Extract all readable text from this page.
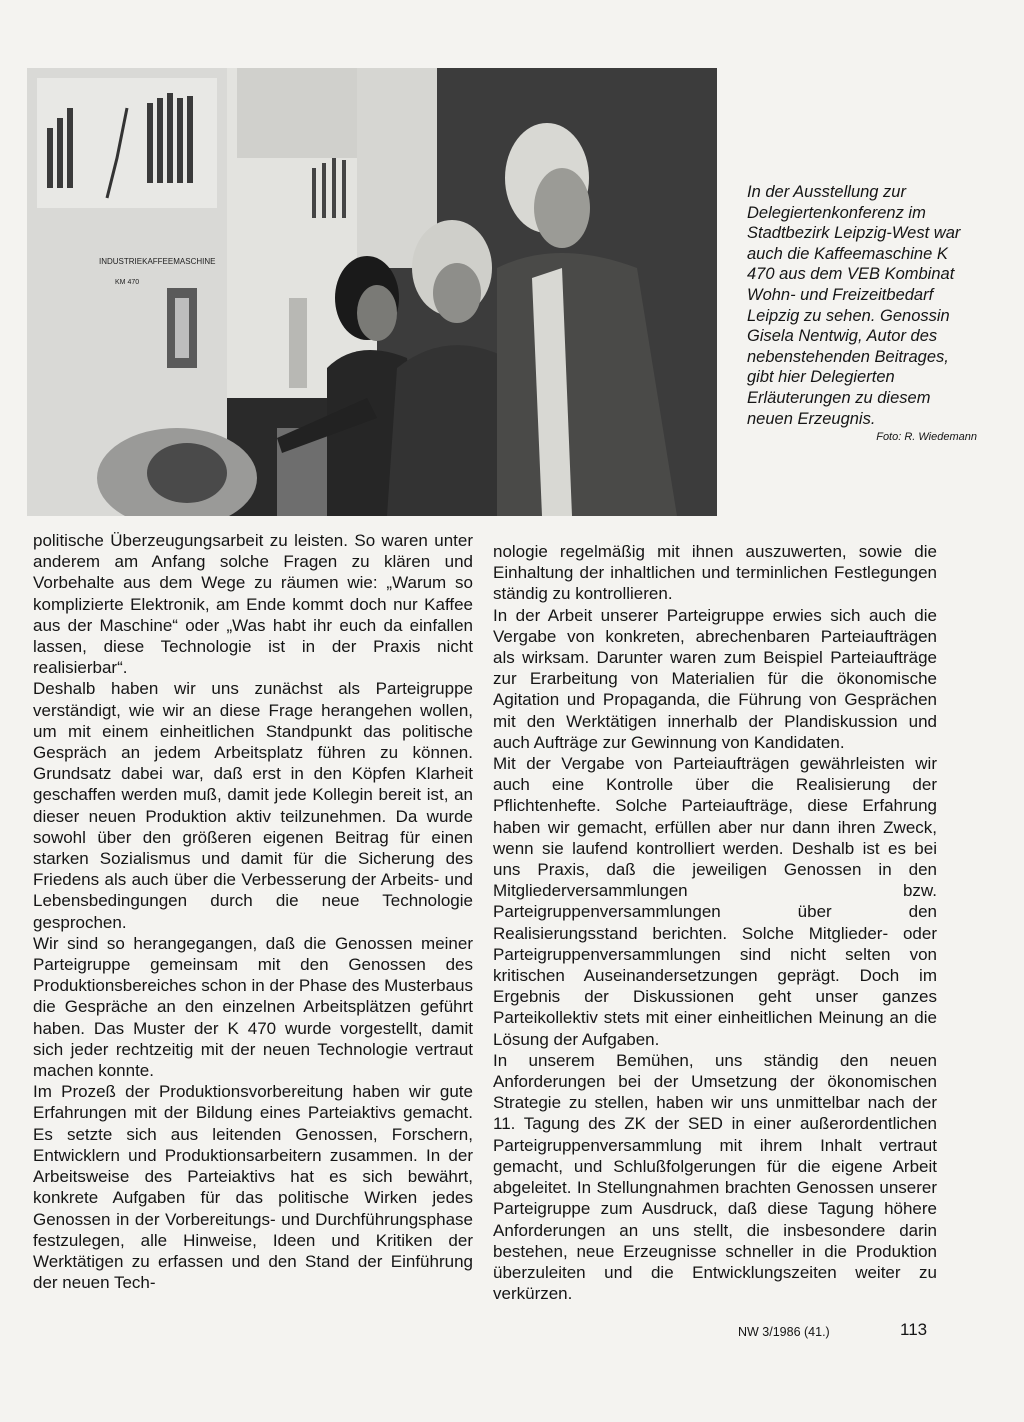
INDUSTRIEKAFFEEMASCHINE
KM 470

In der Ausstellung zur Delegiertenkonferenz im Stadtbezirk Leipzig-West war auch die Kaffeemaschine K 470 aus dem VEB Kombinat Wohn- und Freizeitbedarf Leipzig zu sehen. Genossin Gisela Nentwig, Autor des nebenstehenden Beitrages, gibt hier Delegierten Erläuterungen zu diesem neuen Erzeugnis.

Foto: R. Wiedemann

politische Überzeugungsarbeit zu leisten. So waren unter anderem am Anfang solche Fragen zu klären und Vorbehalte aus dem Wege zu räumen wie: „Warum so komplizierte Elektronik, am Ende kommt doch nur Kaffee aus der Maschine“ oder „Was habt ihr euch da einfallen lassen, diese Technologie ist in der Praxis nicht realisierbar“.

Deshalb haben wir uns zunächst als Parteigruppe verständigt, wie wir an diese Frage herangehen wollen, um mit einem einheitlichen Standpunkt das politische Gespräch an jedem Arbeitsplatz führen zu können. Grundsatz dabei war, daß erst in den Köpfen Klarheit geschaffen werden muß, damit jede Kollegin bereit ist, an dieser neuen Produktion aktiv teilzunehmen. Da wurde sowohl über den größeren eigenen Beitrag für einen starken Sozialismus und damit für die Sicherung des Friedens als auch über die Verbesserung der Arbeits- und Lebensbedingungen durch die neue Technologie gesprochen.

Wir sind so herangegangen, daß die Genossen meiner Parteigruppe gemeinsam mit den Genossen des Produktionsbereiches schon in der Phase des Musterbaus die Gespräche an den einzelnen Arbeitsplätzen geführt haben. Das Muster der K 470 wurde vorgestellt, damit sich jeder rechtzeitig mit der neuen Technologie vertraut machen konnte.

Im Prozeß der Produktionsvorbereitung haben wir gute Erfahrungen mit der Bildung eines Parteiaktivs gemacht. Es setzte sich aus leitenden Genossen, Forschern, Entwicklern und Produktionsarbeitern zusammen. In der Arbeitsweise des Parteiaktivs hat es sich bewährt, konkrete Aufgaben für das politische Wirken jedes Genossen in der Vorbereitungs- und Durchführungsphase festzulegen, alle Hinweise, Ideen und Kritiken der Werktätigen zu erfassen und den Stand der Einführung der neuen Tech-

nologie regelmäßig mit ihnen auszuwerten, sowie die Einhaltung der inhaltlichen und terminlichen Festlegungen ständig zu kontrollieren.

In der Arbeit unserer Parteigruppe erwies sich auch die Vergabe von konkreten, abrechenbaren Parteiaufträgen als wirksam. Darunter waren zum Beispiel Parteiaufträge zur Erarbeitung von Materialien für die ökonomische Agitation und Propaganda, die Führung von Gesprächen mit den Werktätigen innerhalb der Plandiskussion und auch Aufträge zur Gewinnung von Kandidaten.

Mit der Vergabe von Parteiaufträgen gewährleisten wir auch eine Kontrolle über die Realisierung der Pflichtenhefte. Solche Parteiaufträge, diese Erfahrung haben wir gemacht, erfüllen aber nur dann ihren Zweck, wenn sie laufend kontrolliert werden. Deshalb ist es bei uns Praxis, daß die jeweiligen Genossen in den Mitgliederversammlungen bzw. Parteigruppenversammlungen über den Realisierungsstand berichten. Solche Mitglieder- oder Parteigruppenversammlungen sind nicht selten von kritischen Auseinandersetzungen geprägt. Doch im Ergebnis der Diskussionen geht unser ganzes Parteikollektiv stets mit einer einheitlichen Meinung an die Lösung der Aufgaben.

In unserem Bemühen, uns ständig den neuen Anforderungen bei der Umsetzung der ökonomischen Strategie zu stellen, haben wir uns unmittelbar nach der 11. Tagung des ZK der SED in einer außerordentlichen Parteigruppenversammlung mit ihrem Inhalt vertraut gemacht, und Schlußfolgerungen für die eigene Arbeit abgeleitet. In Stellungnahmen brachten Genossen unserer Parteigruppe zum Ausdruck, daß diese Tagung höhere Anforderungen an uns stellt, die insbesondere darin bestehen, neue Erzeugnisse schneller in die Produktion überzuleiten und die Entwicklungszeiten weiter zu verkürzen.

NW 3/1986 (41.)	113
